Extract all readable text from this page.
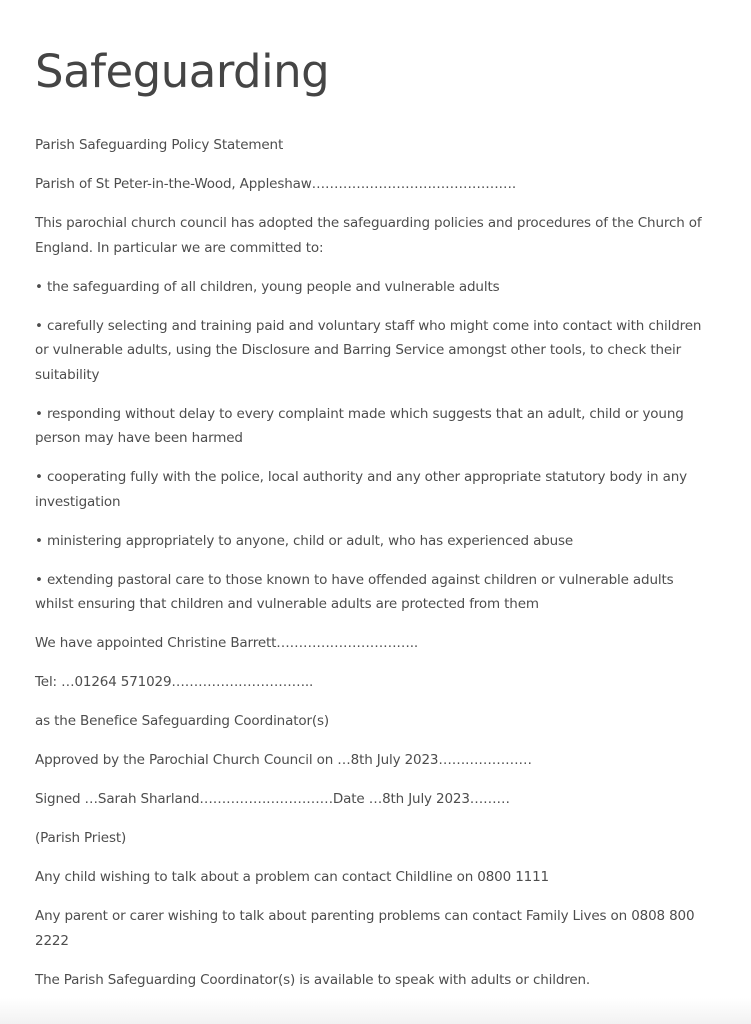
Safeguarding

Parish Safeguarding Policy Statement

Parish of St Peter-in-the-Wood, Appleshaw……………………………………….

This parochial church council has adopted the safeguarding policies and procedures of the Church of England. In particular we are committed to:

• the safeguarding of all children, young people and vulnerable adults

• carefully selecting and training paid and voluntary staff who might come into contact with children or vulnerable adults, using the Disclosure and Barring Service amongst other tools, to check their suitability

• responding without delay to every complaint made which suggests that an adult, child or young person may have been harmed

• cooperating fully with the police, local authority and any other appropriate statutory body in any investigation

• ministering appropriately to anyone, child or adult, who has experienced abuse

• extending pastoral care to those known to have offended against children or vulnerable adults whilst ensuring that children and vulnerable adults are protected from them

We have appointed Christine Barrett…………………………..

Tel: …01264 571029…………………………..

as the Benefice Safeguarding Coordinator(s)

Approved by the Parochial Church Council on …8th July 2023…………………

Signed …Sarah Sharland…………………………Date …8th July 2023………

(Parish Priest)

Any child wishing to talk about a problem can contact Childline on 0800 1111

Any parent or carer wishing to talk about parenting problems can contact Family Lives on 0808 800 2222

The Parish Safeguarding Coordinator(s) is available to speak with adults or children.
